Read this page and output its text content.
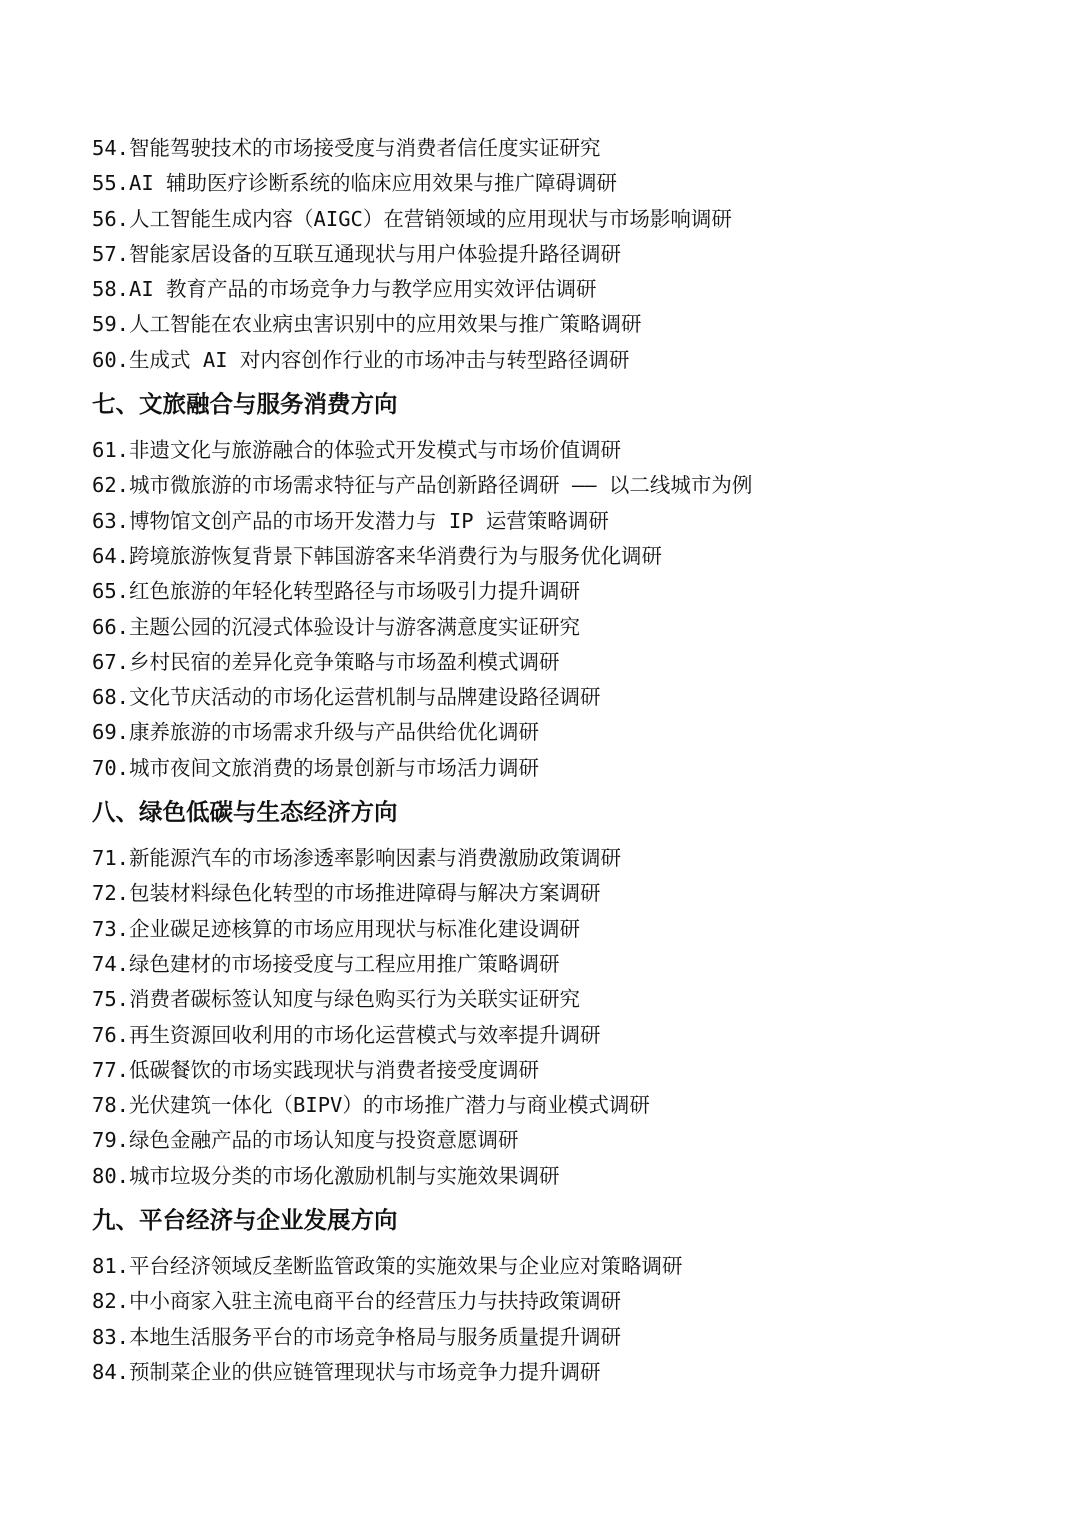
54.智能驾驶技术的市场接受度与消费者信任度实证研究
55.AI 辅助医疗诊断系统的临床应用效果与推广障碍调研
56.人工智能生成内容（AIGC）在营销领域的应用现状与市场影响调研
57.智能家居设备的互联互通现状与用户体验提升路径调研
58.AI 教育产品的市场竞争力与教学应用实效评估调研
59.人工智能在农业病虫害识别中的应用效果与推广策略调研
60.生成式 AI 对内容创作行业的市场冲击与转型路径调研
七、文旅融合与服务消费方向
61.非遗文化与旅游融合的体验式开发模式与市场价值调研
62.城市微旅游的市场需求特征与产品创新路径调研 —— 以二线城市为例
63.博物馆文创产品的市场开发潜力与 IP 运营策略调研
64.跨境旅游恢复背景下韩国游客来华消费行为与服务优化调研
65.红色旅游的年轻化转型路径与市场吸引力提升调研
66.主题公园的沉浸式体验设计与游客满意度实证研究
67.乡村民宿的差异化竞争策略与市场盈利模式调研
68.文化节庆活动的市场化运营机制与品牌建设路径调研
69.康养旅游的市场需求升级与产品供给优化调研
70.城市夜间文旅消费的场景创新与市场活力调研
八、绿色低碳与生态经济方向
71.新能源汽车的市场渗透率影响因素与消费激励政策调研
72.包装材料绿色化转型的市场推进障碍与解决方案调研
73.企业碳足迹核算的市场应用现状与标准化建设调研
74.绿色建材的市场接受度与工程应用推广策略调研
75.消费者碳标签认知度与绿色购买行为关联实证研究
76.再生资源回收利用的市场化运营模式与效率提升调研
77.低碳餐饮的市场实践现状与消费者接受度调研
78.光伏建筑一体化（BIPV）的市场推广潜力与商业模式调研
79.绿色金融产品的市场认知度与投资意愿调研
80.城市垃圾分类的市场化激励机制与实施效果调研
九、平台经济与企业发展方向
81.平台经济领域反垄断监管政策的实施效果与企业应对策略调研
82.中小商家入驻主流电商平台的经营压力与扶持政策调研
83.本地生活服务平台的市场竞争格局与服务质量提升调研
84.预制菜企业的供应链管理现状与市场竞争力提升调研
